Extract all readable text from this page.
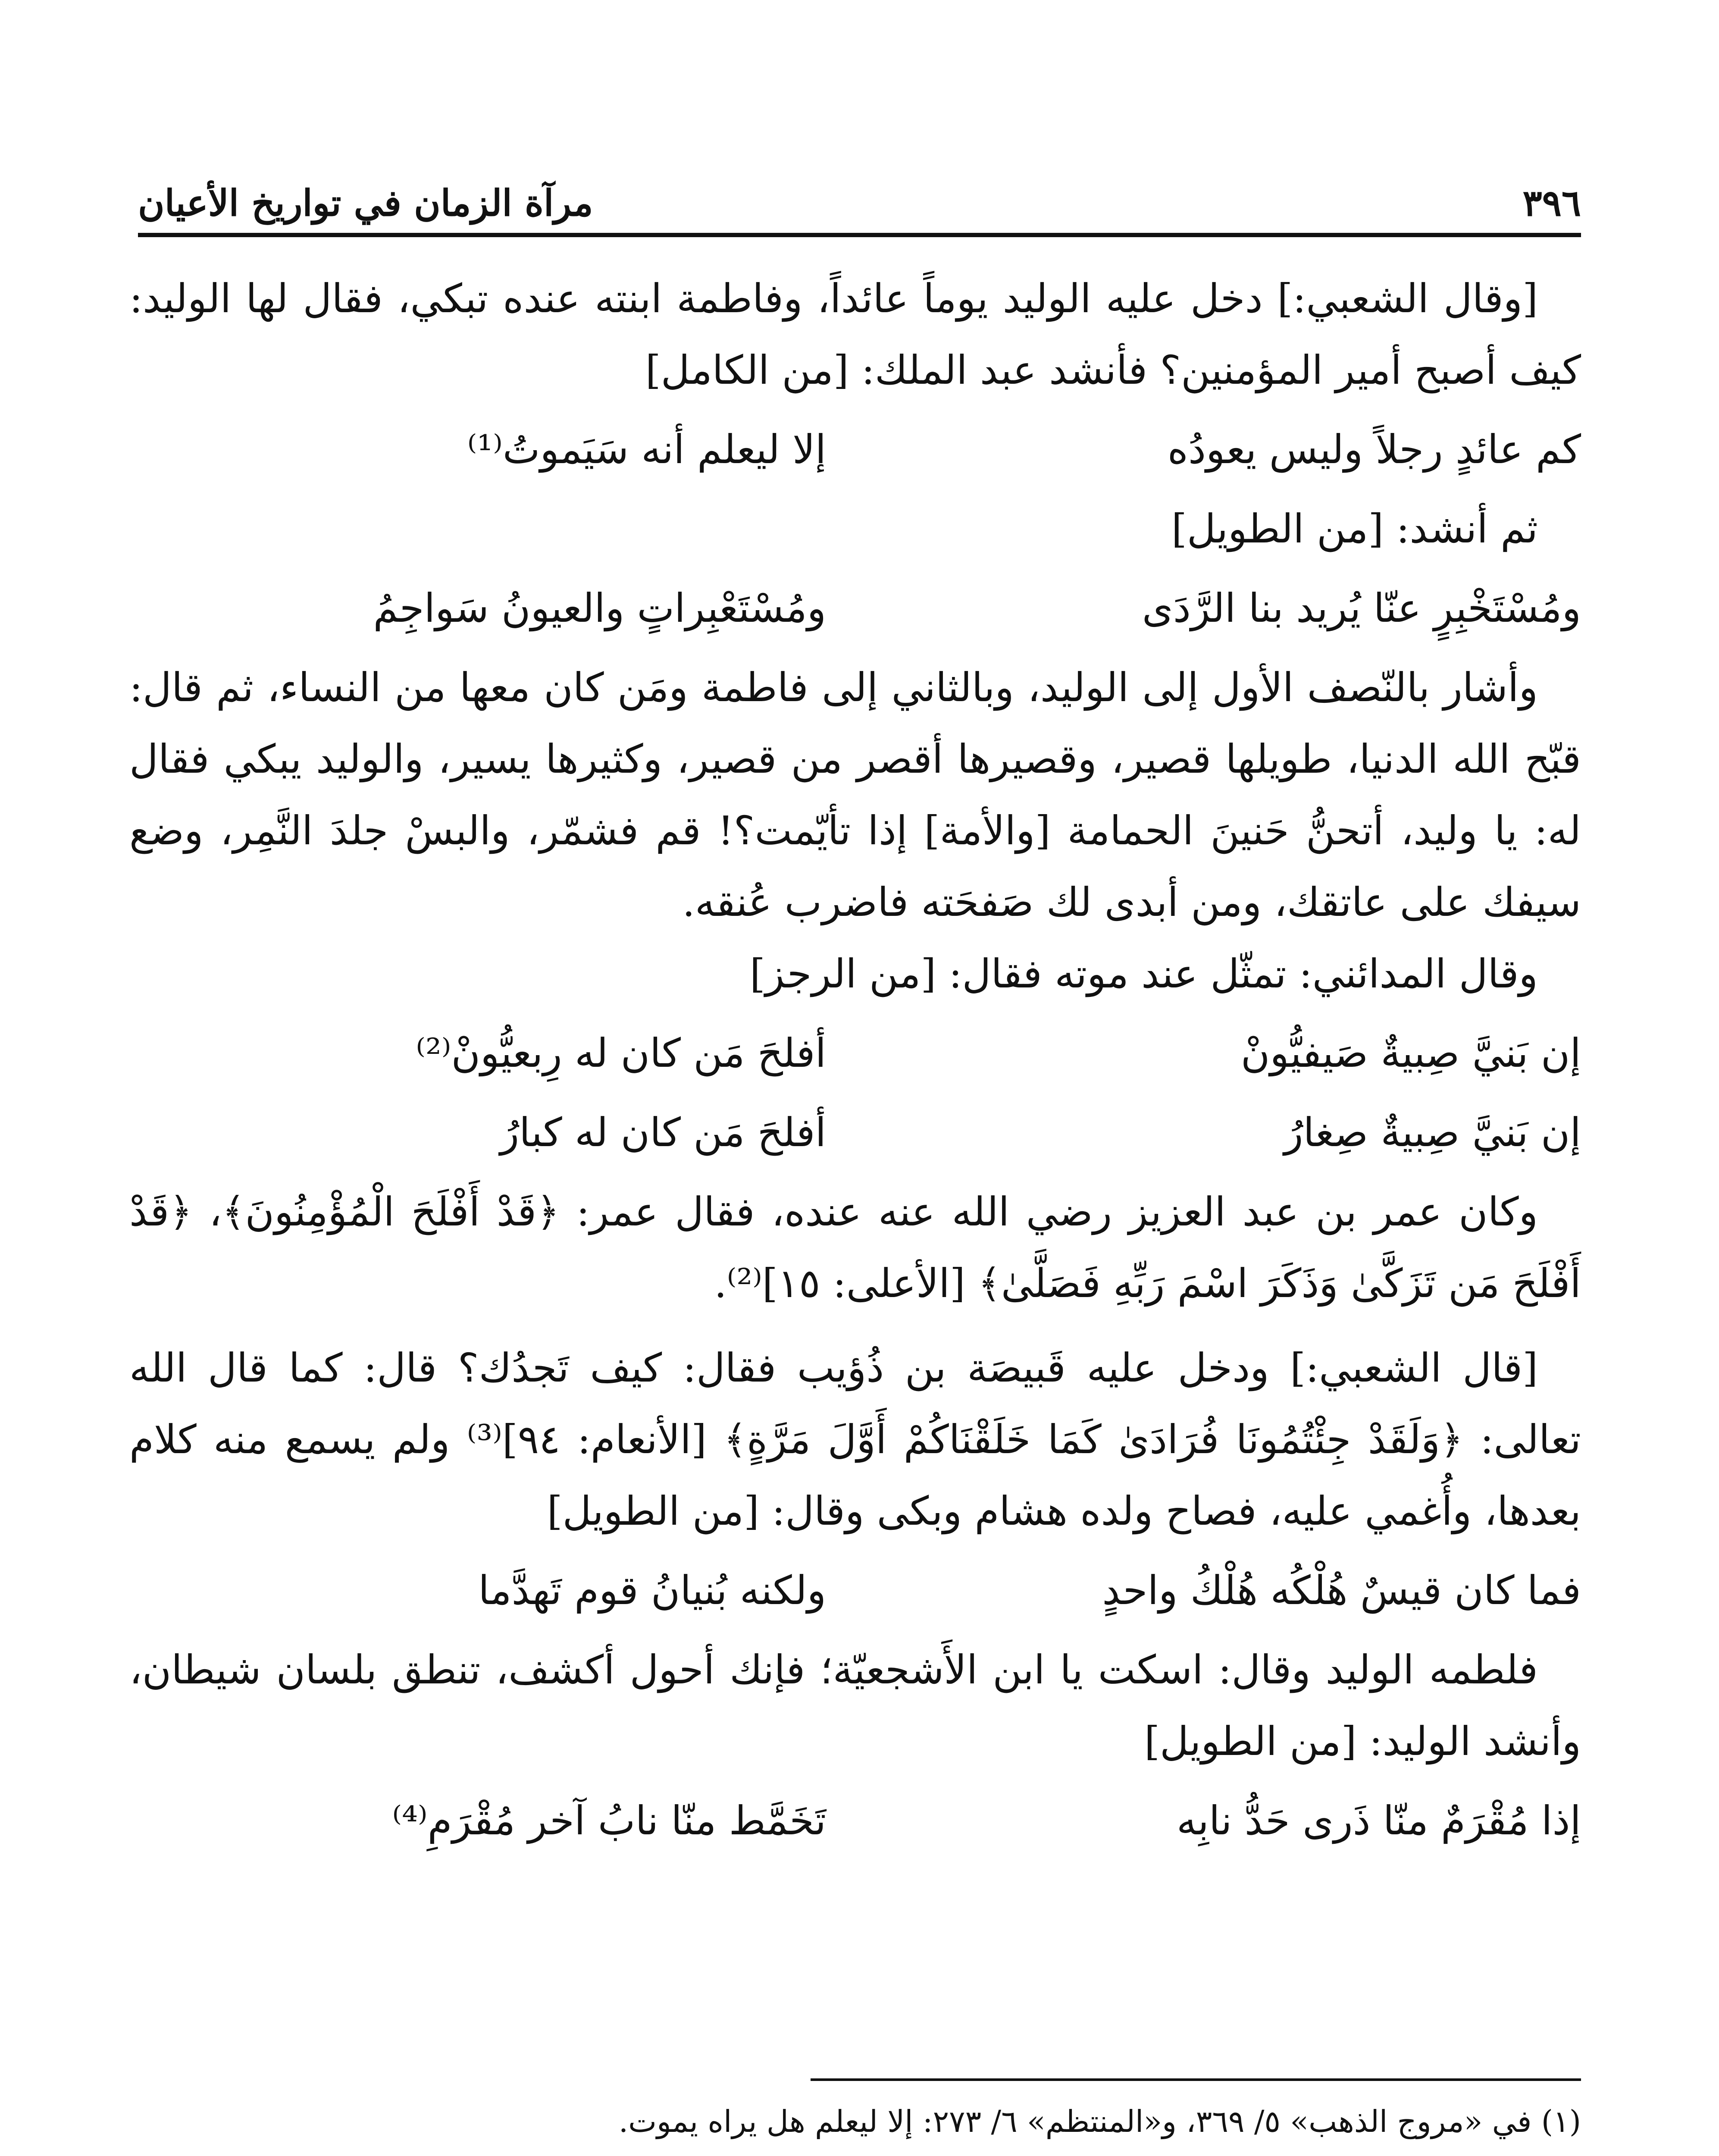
٣٩٦
مرآة الزمان في تواريخ الأعيان

[وقال الشعبي:] دخل عليه الوليد يوماً عائداً، وفاطمة ابنته عنده تبكي، فقال لها الوليد: كيف أصبح أمير المؤمنين؟ فأنشد عبد الملك: [من الكامل]

كم عائدٍ رجلاً وليس يعودُه
إلا ليعلم أنه سَيَموتُ⁽¹⁾

ثم أنشد: [من الطويل]

ومُسْتَخْبِرٍ عنّا يُريد بنا الرَّدَى
ومُسْتَعْبِراتٍ والعيونُ سَواجِمُ

وأشار بالنّصف الأول إلى الوليد، وبالثاني إلى فاطمة ومَن كان معها من النساء، ثم قال: قبّح الله الدنيا، طويلها قصير، وقصيرها أقصر من قصير، وكثيرها يسير، والوليد يبكي فقال له: يا وليد، أتحنُّ حَنينَ الحمامة [والأمة] إذا تأيّمت؟! قم فشمّر، والبسْ جلدَ النَّمِر، وضع سيفك على عاتقك، ومن أبدى لك صَفحَته فاضرب عُنقه.

وقال المدائني: تمثّل عند موته فقال: [من الرجز]

إن بَنيَّ صِبيةٌ صَيفيُّونْ
أفلحَ مَن كان له رِبعيُّونْ⁽²⁾
إن بَنيَّ صِبيةٌ صِغارُ
أفلحَ مَن كان له كبارُ

وكان عمر بن عبد العزيز رضي الله عنه عنده، فقال عمر: ﴿قَدْ أَفْلَحَ الْمُؤْمِنُونَ﴾، ﴿قَدْ أَفْلَحَ مَن تَزَكَّىٰ وَذَكَرَ اسْمَ رَبِّهِ فَصَلَّىٰ﴾ [الأعلى: ١٥]⁽²⁾.

[قال الشعبي:] ودخل عليه قَبيصَة بن ذُؤيب فقال: كيف تَجدُك؟ قال: كما قال الله تعالى: ﴿وَلَقَدْ جِئْتُمُونَا فُرَادَىٰ كَمَا خَلَقْنَاكُمْ أَوَّلَ مَرَّةٍ﴾ [الأنعام: ٩٤]⁽³⁾ ولم يسمع منه كلام بعدها، وأُغمي عليه، فصاح ولده هشام وبكى وقال: [من الطويل]

فما كان قيسٌ هُلْكُه هُلْكُ واحدٍ
ولكنه بُنيانُ قوم تَهدَّما

فلطمه الوليد وقال: اسكت يا ابن الأَشجعيّة؛ فإنك أحول أكشف، تنطق بلسان شيطان، وأنشد الوليد: [من الطويل]

إذا مُقْرَمٌ منّا ذَرى حَدُّ نابِه
تَخَمَّط منّا نابُ آخر مُقْرَمِ⁽⁴⁾

(١) في «مروج الذهب» ٥/ ٣٦٩، و«المنتظم» ٦/ ٢٧٣: إلا ليعلم هل يراه يموت.
